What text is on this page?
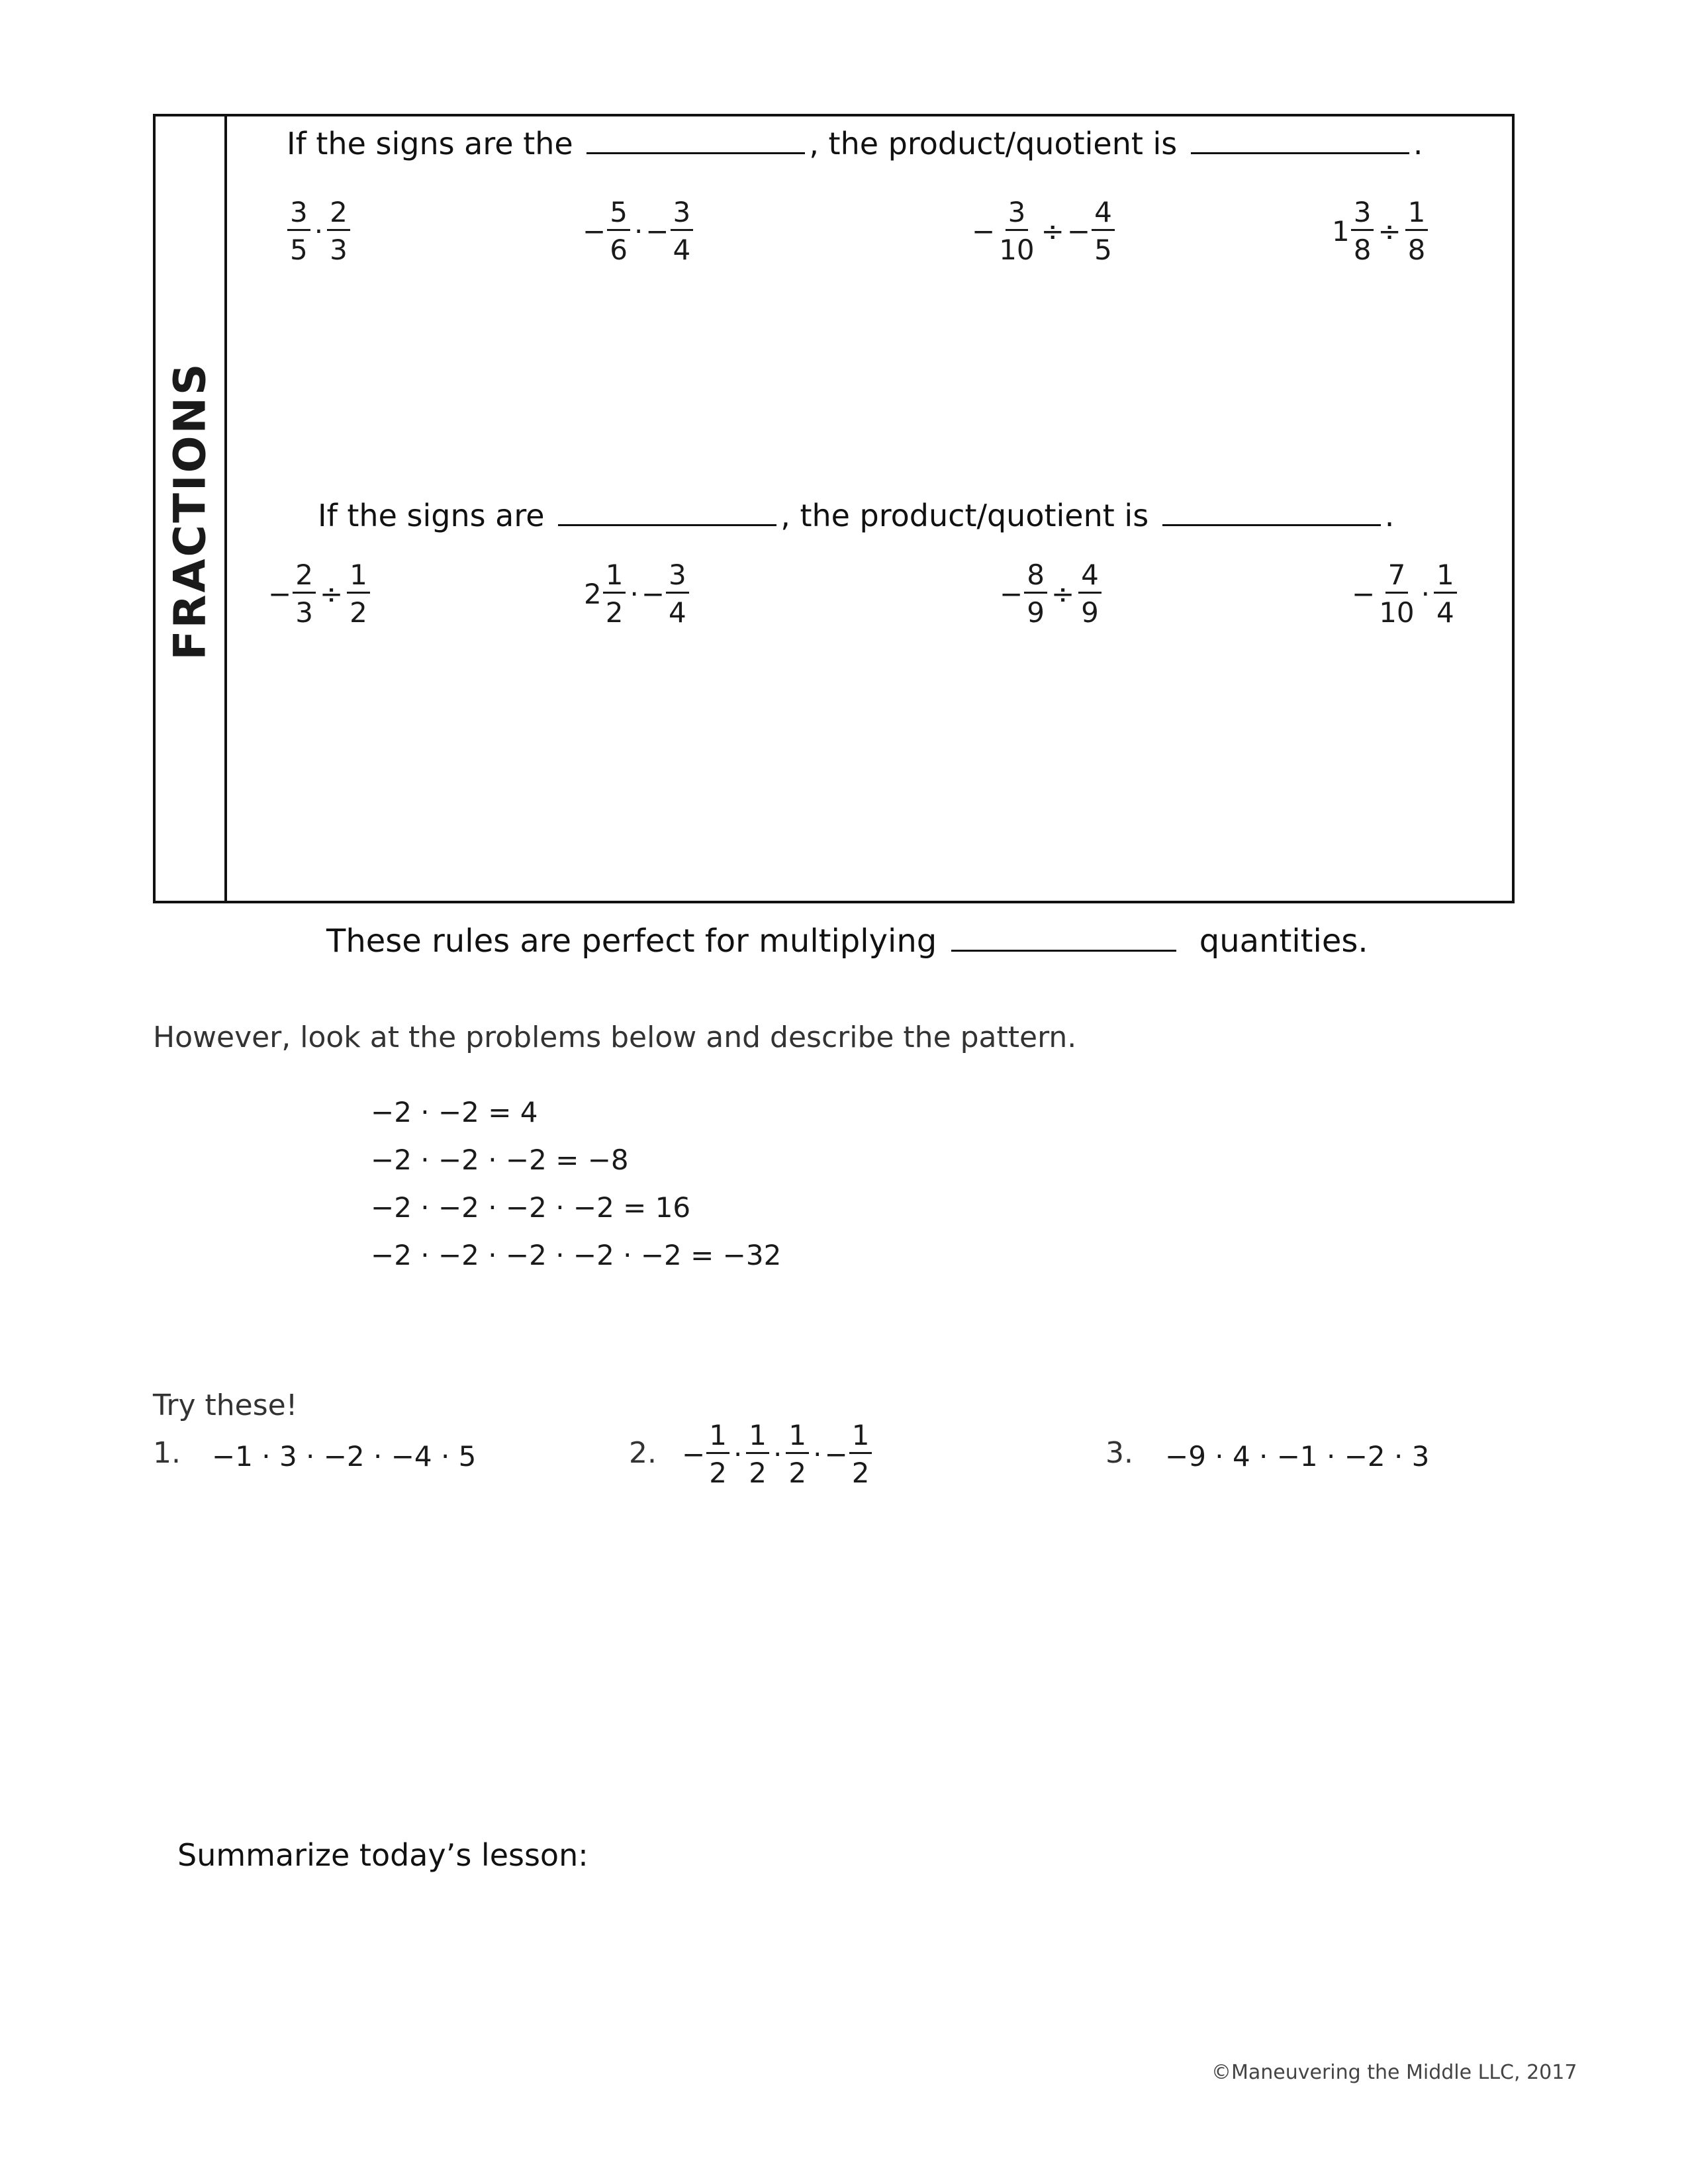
FRACTIONS
If the signs are the	, the product/quotient is	.
$\frac{3}{5} \cdot \frac{2}{3}$	− $\frac{5}{6}$ · − $\frac{3}{4}$	− $\frac{3}{10}$ ÷ − $\frac{4}{5}$	$1 \frac{3}{8} \div \frac{1}{8}$
If the signs are	, the product/quotient is	.
− $\frac{2}{3} \div \frac{1}{2}$	$2 \frac{1}{2}$ · − $\frac{3}{4}$	− $\frac{8}{9} \div \frac{4}{9}$	− $\frac{7}{10} \cdot \frac{1}{4}$
These rules are perfect for multiplying	quantities.
However, look at the problems below and describe the pattern.
−2 · −2 = 4
−2 · −2 · −2 = −8
−2 · −2 · −2 · −2 = 16
−2 · −2 · −2 · −2 · −2 = −32
Try these!
1. −1 · 3 · −2 · −4 · 5	2. − $\frac{1}{2} \cdot \frac{1}{2} \cdot \frac{1}{2}$ · − $\frac{1}{2}$	3. −9 · 4 · −1 · −2 · 3
Summarize today’s lesson:
©Maneuvering the Middle LLC, 2017
